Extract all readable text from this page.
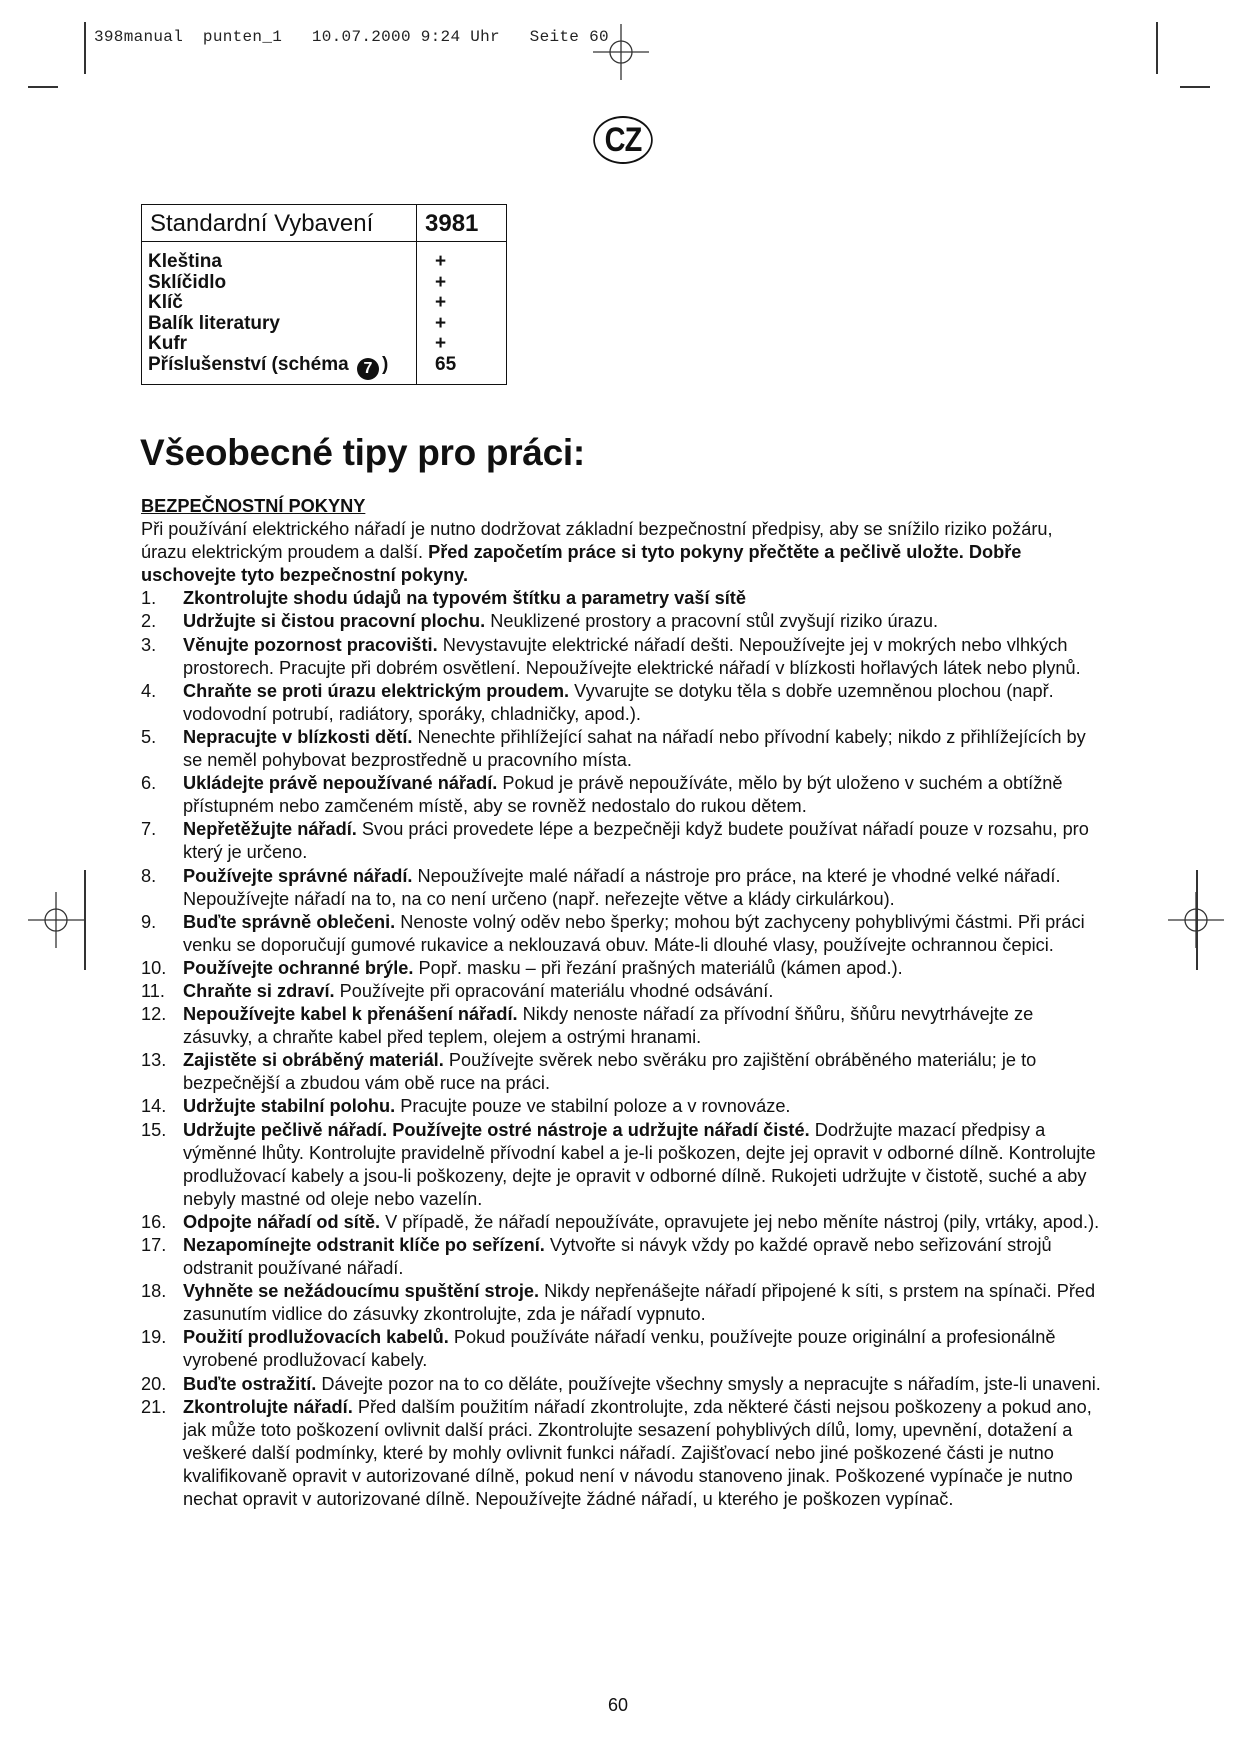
398manual  punten_1   10.07.2000 9:24 Uhr   Seite 60
CZ
Standardní Vybavení	3981
Kleština
Sklíčidlo
Klíč
Balík literatury
Kufr
Příslušenství (schéma 7 )
+
+
+
+
+
65
Všeobecné tipy pro práci:
BEZPEČNOSTNÍ POKYNY

Při používání elektrického nářadí je nutno dodržovat základní bezpečnostní předpisy, aby se snížilo riziko požáru, úrazu elektrickým proudem a další. Před započetím práce si tyto pokyny přečtěte a pečlivě uložte. Dobře uschovejte tyto bezpečnostní pokyny.

1. Zkontrolujte shodu údajů na typovém štítku a parametry vaší sítě
2. Udržujte si čistou pracovní plochu. Neuklizené prostory a pracovní stůl zvyšují riziko úrazu.
3. Věnujte pozornost pracovišti. Nevystavujte elektrické nářadí dešti. Nepoužívejte jej v mokrých nebo vlhkých prostorech. Pracujte při dobrém osvětlení. Nepoužívejte elektrické nářadí v blízkosti hořlavých látek nebo plynů.
4. Chraňte se proti úrazu elektrickým proudem. Vyvarujte se dotyku těla s dobře uzemněnou plochou (např. vodovodní potrubí, radiátory, sporáky, chladničky, apod.).
5. Nepracujte v blízkosti dětí. Nenechte přihlížející sahat na nářadí nebo přívodní kabely; nikdo z přihlížejících by se neměl pohybovat bezprostředně u pracovního místa.
6. Ukládejte právě nepoužívané nářadí. Pokud je právě nepoužíváte, mělo by být uloženo v suchém a obtížně přístupném nebo zamčeném místě, aby se rovněž nedostalo do rukou dětem.
7. Nepřetěžujte nářadí. Svou práci provedete lépe a bezpečněji když budete používat nářadí pouze v rozsahu, pro který je určeno.
8. Používejte správné nářadí. Nepoužívejte malé nářadí a nástroje pro práce, na které je vhodné velké nářadí. Nepoužívejte nářadí na to, na co není určeno (např. neřezejte větve a klády cirkulárkou).
9. Buďte správně oblečeni. Nenoste volný oděv nebo šperky; mohou být zachyceny pohyblivými částmi. Při práci venku se doporučují gumové rukavice a neklouzavá obuv. Máte-li dlouhé vlasy, používejte ochrannou čepici.
10. Používejte ochranné brýle. Popř. masku – při řezání prašných materiálů (kámen apod.).
11. Chraňte si zdraví. Používejte při opracování materiálu vhodné odsávání.
12. Nepoužívejte kabel k přenášení nářadí. Nikdy nenoste nářadí za přívodní šňůru, šňůru nevytrhávejte ze zásuvky, a chraňte kabel před teplem, olejem a ostrými hranami.
13. Zajistěte si obráběný materiál. Používejte svěrek nebo svěráku pro zajištění obráběného materiálu; je to bezpečnější a zbudou vám obě ruce na práci.
14. Udržujte stabilní polohu. Pracujte pouze ve stabilní poloze a v rovnováze.
15. Udržujte pečlivě nářadí. Používejte ostré nástroje a udržujte nářadí čisté. Dodržujte mazací předpisy a výměnné lhůty. Kontrolujte pravidelně přívodní kabel a je-li poškozen, dejte jej opravit v odborné dílně. Kontrolujte prodlužovací kabely a jsou-li poškozeny, dejte je opravit v odborné dílně. Rukojeti udržujte v čistotě, suché a aby nebyly mastné od oleje nebo vazelín.
16. Odpojte nářadí od sítě. V případě, že nářadí nepoužíváte, opravujete jej nebo měníte nástroj (pily, vrtáky, apod.).
17. Nezapomínejte odstranit klíče po seřízení. Vytvořte si návyk vždy po každé opravě nebo seřizování strojů odstranit používané nářadí.
18. Vyhněte se nežádoucímu spuštění stroje. Nikdy nepřenášejte nářadí připojené k síti, s prstem na spínači. Před zasunutím vidlice do zásuvky zkontrolujte, zda je nářadí vypnuto.
19. Použití prodlužovacích kabelů. Pokud používáte nářadí venku, používejte pouze originální a profesionálně vyrobené prodlužovací kabely.
20. Buďte ostražití. Dávejte pozor na to co děláte, používejte všechny smysly a nepracujte s nářadím, jste-li unaveni.
21. Zkontrolujte nářadí. Před dalším použitím nářadí zkontrolujte, zda některé části nejsou poškozeny a pokud ano, jak může toto poškození ovlivnit další práci. Zkontrolujte sesazení pohyblivých dílů, lomy, upevnění, dotažení a veškeré další podmínky, které by mohly ovlivnit funkci nářadí. Zajišťovací nebo jiné poškozené části je nutno kvalifikovaně opravit v autorizované dílně, pokud není v návodu stanoveno jinak. Poškozené vypínače je nutno nechat opravit v autorizované dílně. Nepoužívejte žádné nářadí, u kterého je poškozen vypínač.
60
